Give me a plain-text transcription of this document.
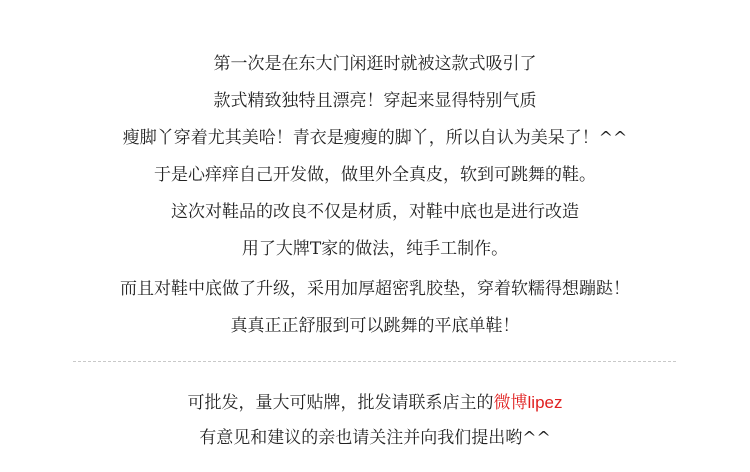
第一次是在东大门闲逛时就被这款式吸引了
款式精致独特且漂亮！穿起来显得特别气质
瘦脚丫穿着尤其美哈！青衣是瘦瘦的脚丫，所以自认为美呆了！^^
于是心痒痒自己开发做，做里外全真皮，软到可跳舞的鞋。
这次对鞋品的改良不仅是材质，对鞋中底也是进行改造
用了大牌T家的做法，纯手工制作。
而且对鞋中底做了升级，采用加厚超密乳胶垫，穿着软糯得想蹦跶！
真真正正舒服到可以跳舞的平底单鞋！
可批发，量大可贴牌，批发请联系店主的微博lipez
有意见和建议的亲也请关注并向我们提出哟^^
